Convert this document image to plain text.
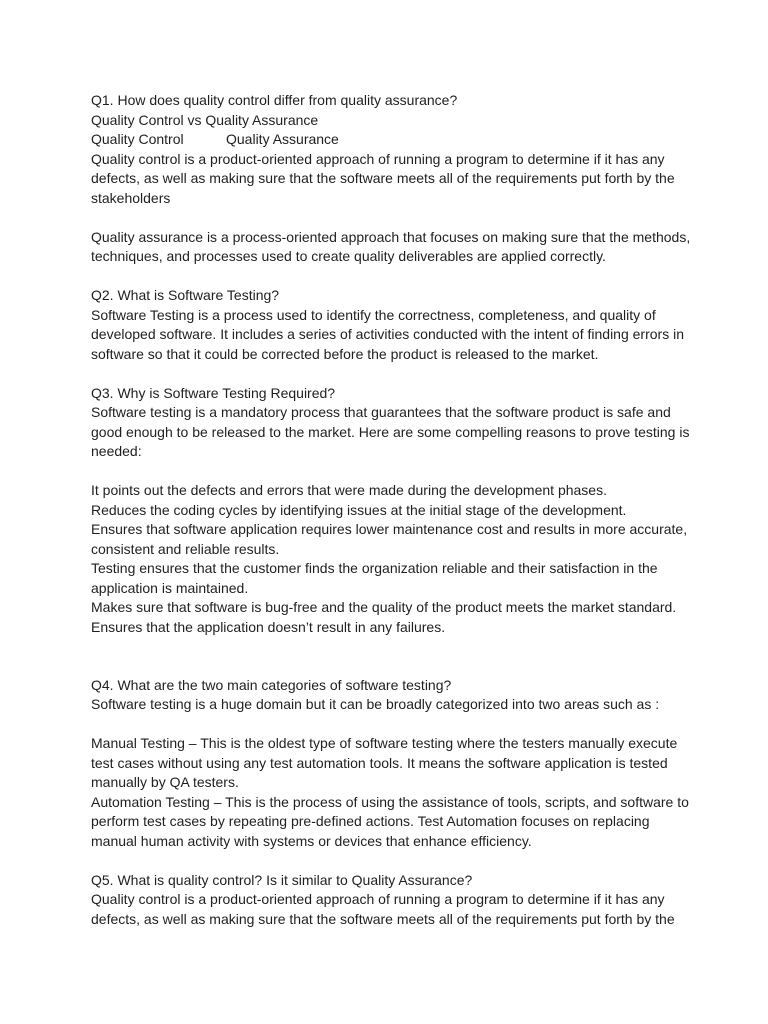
Q1. How does quality control differ from quality assurance?

Quality Control vs Quality Assurance

Quality Control	Quality Assurance

Quality control is a product-oriented approach of running a program to determine if it has any defects, as well as making sure that the software meets all of the requirements put forth by the stakeholders

Quality assurance is a process-oriented approach that focuses on making sure that the methods, techniques, and processes used to create quality deliverables are applied correctly.

Q2. What is Software Testing?

Software Testing is a process used to identify the correctness, completeness, and quality of developed software. It includes a series of activities conducted with the intent of finding errors in software so that it could be corrected before the product is released to the market.

Q3. Why is Software Testing Required?

Software testing is a mandatory process that guarantees that the software product is safe and good enough to be released to the market. Here are some compelling reasons to prove testing is needed:

It points out the defects and errors that were made during the development phases.

Reduces the coding cycles by identifying issues at the initial stage of the development.

Ensures that software application requires lower maintenance cost and results in more accurate, consistent and reliable results.

Testing ensures that the customer finds the organization reliable and their satisfaction in the application is maintained.

Makes sure that software is bug-free and the quality of the product meets the market standard.

Ensures that the application doesn’t result in any failures.

Q4. What are the two main categories of software testing?

Software testing is a huge domain but it can be broadly categorized into two areas such as :

Manual Testing – This is the oldest type of software testing where the testers manually execute test cases without using any test automation tools. It means the software application is tested manually by QA testers.

Automation Testing – This is the process of using the assistance of tools, scripts, and software to perform test cases by repeating pre-defined actions. Test Automation focuses on replacing manual human activity with systems or devices that enhance efficiency.

Q5. What is quality control? Is it similar to Quality Assurance?

Quality control is a product-oriented approach of running a program to determine if it has any defects, as well as making sure that the software meets all of the requirements put forth by the
